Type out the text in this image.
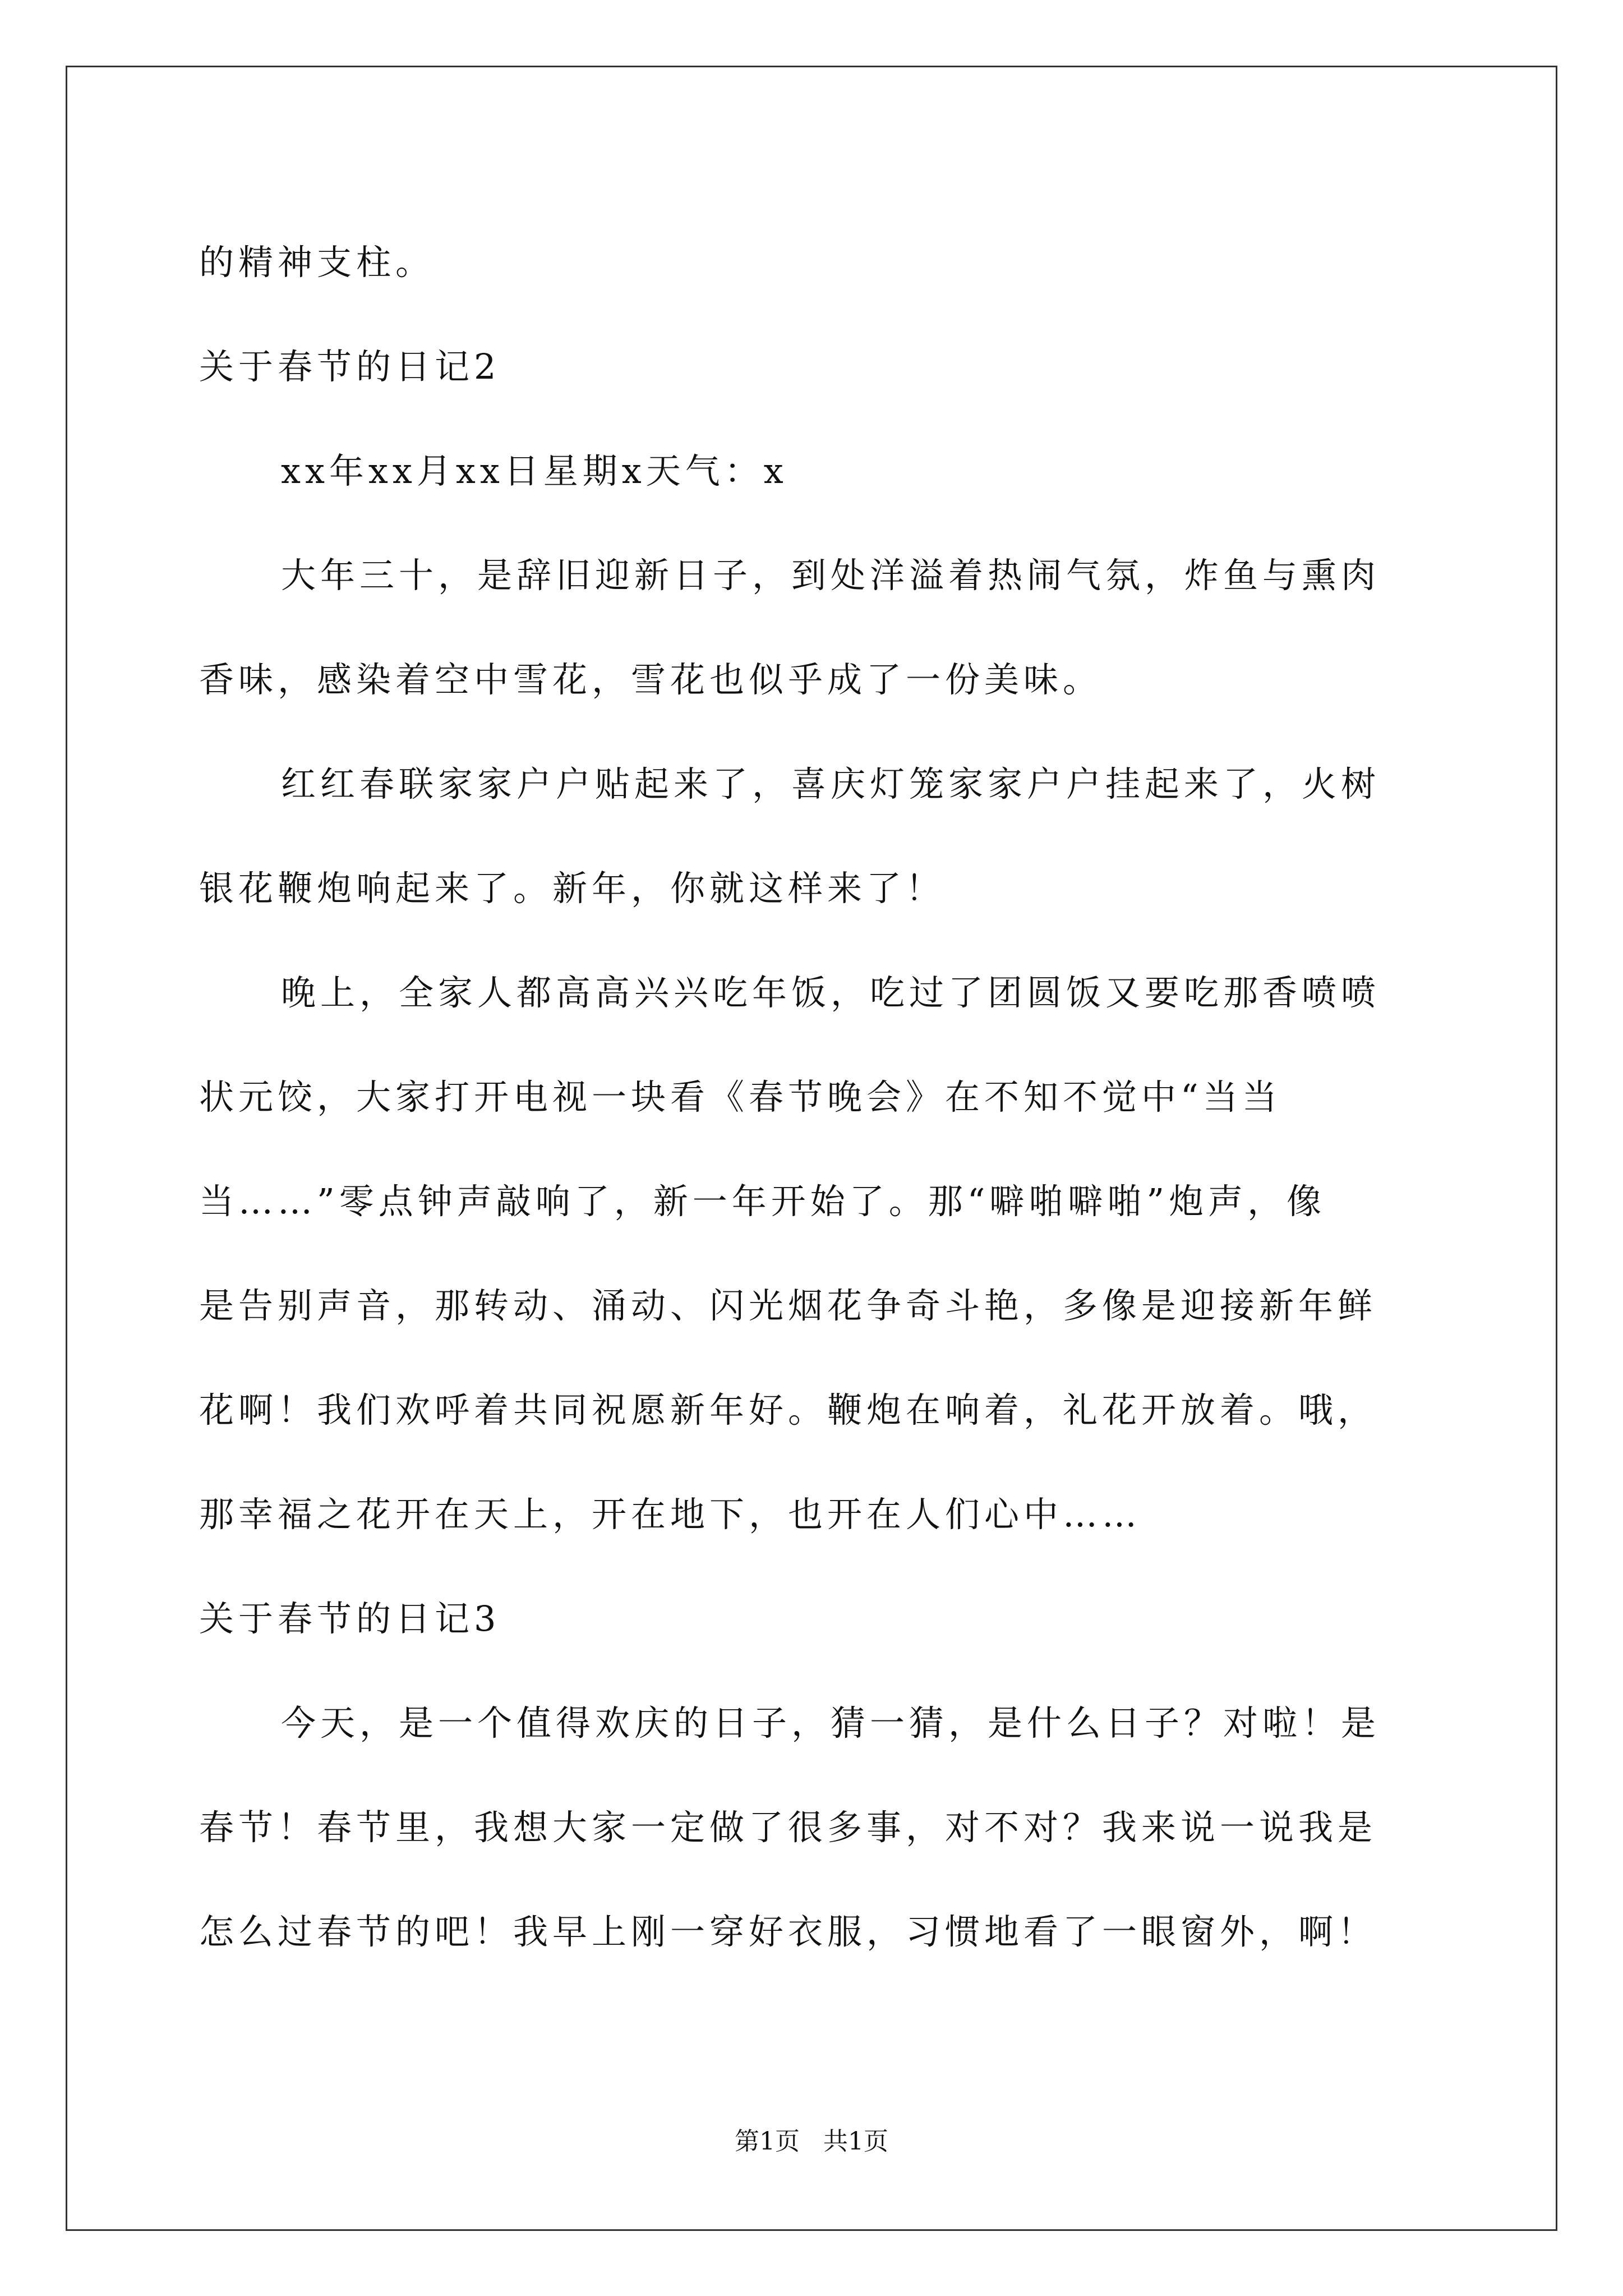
的精神支柱。
关于春节的日记2
xx年xx月xx日星期x天气：x
大年三十，是辞旧迎新日子，到处洋溢着热闹气氛，炸鱼与熏肉
香味，感染着空中雪花，雪花也似乎成了一份美味。
红红春联家家户户贴起来了，喜庆灯笼家家户户挂起来了，火树
银花鞭炮响起来了。新年，你就这样来了！
晚上，全家人都高高兴兴吃年饭，吃过了团圆饭又要吃那香喷喷
状元饺，大家打开电视一块看《春节晚会》在不知不觉中“当当
当……”零点钟声敲响了，新一年开始了。那“噼啪噼啪”炮声，像
是告别声音，那转动、涌动、闪光烟花争奇斗艳，多像是迎接新年鲜
花啊！我们欢呼着共同祝愿新年好。鞭炮在响着，礼花开放着。哦，
那幸福之花开在天上，开在地下，也开在人们心中……
关于春节的日记3
今天，是一个值得欢庆的日子，猜一猜，是什么日子？对啦！是
春节！春节里，我想大家一定做了很多事，对不对？我来说一说我是
怎么过春节的吧！我早上刚一穿好衣服，习惯地看了一眼窗外，啊！
第1页   共1页
